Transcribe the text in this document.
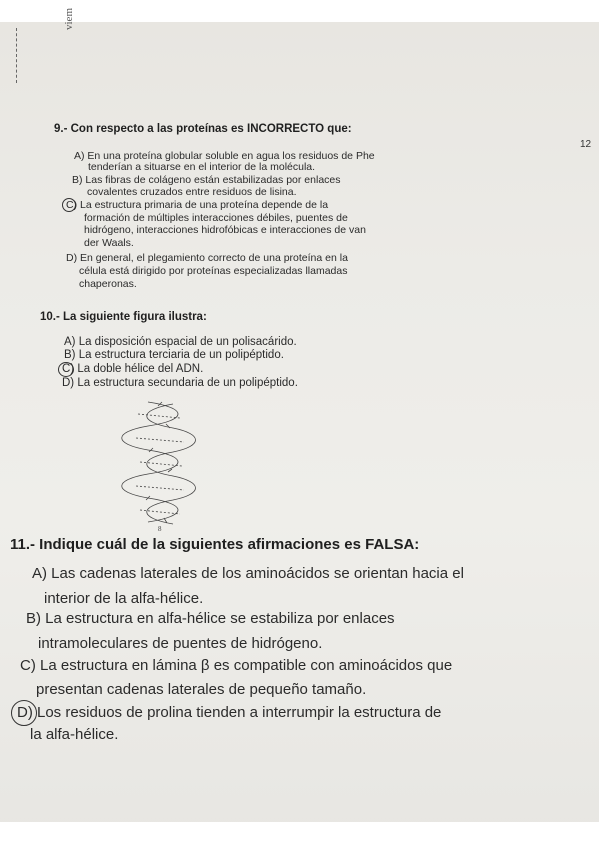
viem
12
9.- Con respecto a las proteínas es INCORRECTO que:
A) En una proteína globular soluble en agua los residuos de Phe
tenderían a situarse en el interior de la molécula.
B) Las fibras de colágeno están estabilizadas por enlaces
covalentes cruzados entre residuos de lisina.
C) La estructura primaria de una proteína depende de la
formación de múltiples interacciones débiles, puentes de
hidrógeno, interacciones hidrofóbicas e interacciones de van
der Waals.
D) En general, el plegamiento correcto de una proteína en la
célula está dirigido por proteínas especializadas llamadas
chaperonas.
10.- La siguiente figura ilustra:
A) La disposición espacial de un polisacárido.
B) La estructura terciaria de un polipéptido.
C) La doble hélice del ADN.
D) La estructura secundaria de un polipéptido.
8
11.- Indique cuál de la siguientes afirmaciones es FALSA:
A) Las cadenas laterales de los aminoácidos se orientan hacia el
interior de la alfa-hélice.
B) La estructura en alfa-hélice se estabiliza por enlaces
intramoleculares de puentes de hidrógeno.
C) La estructura en lámina β es compatible con aminoácidos que
presentan cadenas laterales de pequeño tamaño.
D) Los residuos de prolina tienden a interrumpir la estructura de
la alfa-hélice.
